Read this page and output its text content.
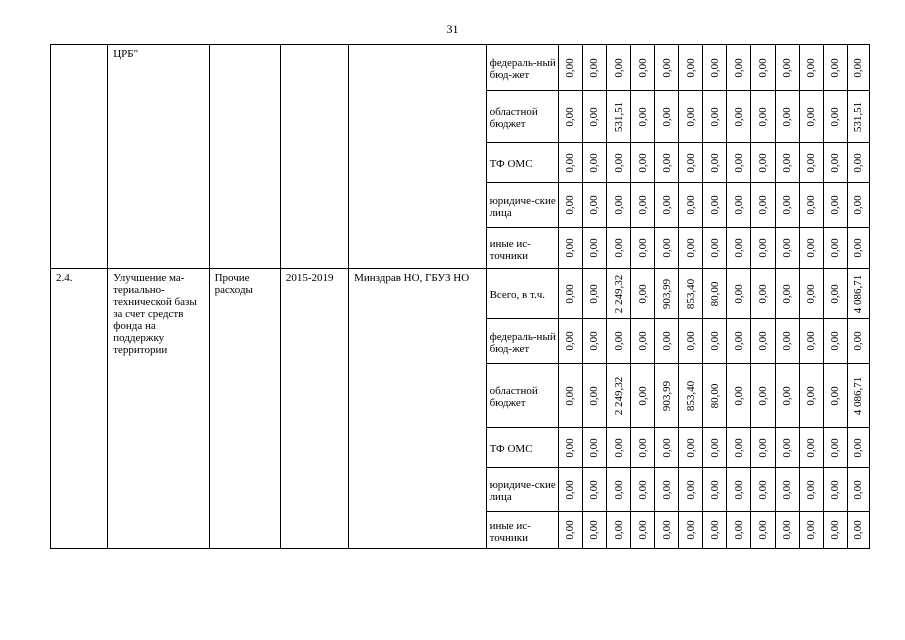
31
	ЦРБ"				федераль-ный бюд-жет	0,00	0,00	0,00	0,00	0,00	0,00	0,00	0,00	0,00	0,00	0,00	0,00	0,00

					областной бюджет	0,00	0,00	531,51	0,00	0,00	0,00	0,00	0,00	0,00	0,00	0,00	0,00	531,51

					ТФ ОМС	0,00	0,00	0,00	0,00	0,00	0,00	0,00	0,00	0,00	0,00	0,00	0,00	0,00

					юридиче-ские лица	0,00	0,00	0,00	0,00	0,00	0,00	0,00	0,00	0,00	0,00	0,00	0,00	0,00

					иные ис-точники	0,00	0,00	0,00	0,00	0,00	0,00	0,00	0,00	0,00	0,00	0,00	0,00	0,00

2.4.	Улучшение ма-териально-технической базы за счет средств фонда на поддержку территории	Прочие расходы	2015-2019	Минздрав НО, ГБУЗ НО	Всего, в т.ч.	0,00	0,00	2 249,32	0,00	903,99	853,40	80,00	0,00	0,00	0,00	0,00	0,00	4 086,71

					федераль-ный бюд-жет	0,00	0,00	0,00	0,00	0,00	0,00	0,00	0,00	0,00	0,00	0,00	0,00	0,00

					областной бюджет	0,00	0,00	2 249,32	0,00	903,99	853,40	80,00	0,00	0,00	0,00	0,00	0,00	4 086,71

					ТФ ОМС	0,00	0,00	0,00	0,00	0,00	0,00	0,00	0,00	0,00	0,00	0,00	0,00	0,00

					юридиче-ские лица	0,00	0,00	0,00	0,00	0,00	0,00	0,00	0,00	0,00	0,00	0,00	0,00	0,00

					иные ис-точники	0,00	0,00	0,00	0,00	0,00	0,00	0,00	0,00	0,00	0,00	0,00	0,00	0,00
